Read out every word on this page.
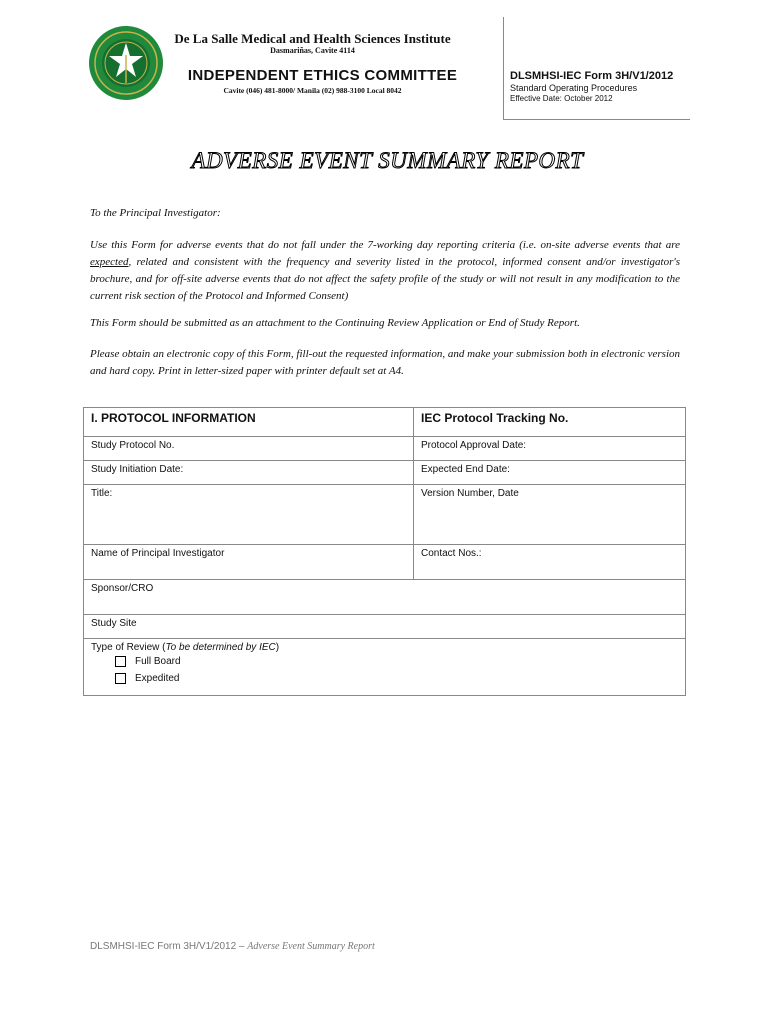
De La Salle Medical and Health Sciences Institute
Dasmariñas, Cavite 4114
INDEPENDENT ETHICS COMMITTEE
Cavite (046) 481-8000/ Manila (02) 988-3100 Local 8042
DLSMHSI-IEC Form 3H/V1/2012
Standard Operating Procedures
Effective Date: October 2012
ADVERSE EVENT SUMMARY REPORT
To the Principal Investigator:
Use this Form for adverse events that do not fall under the 7-working day reporting criteria (i.e. on-site adverse events that are expected, related and consistent with the frequency and severity listed in the protocol, informed consent and/or investigator's brochure, and for off-site adverse events that do not affect the safety profile of the study or will not result in any modification to the current risk section of the Protocol and Informed Consent)
This Form should be submitted as an attachment to the Continuing Review Application or End of Study Report.
Please obtain an electronic copy of this Form, fill-out the requested information, and make your submission both in electronic version and hard copy. Print in letter-sized paper with printer default set at A4.
I. PROTOCOL INFORMATION	IEC Protocol Tracking No.
Study Protocol No.	Protocol Approval Date:
Study Initiation Date:	Expected End Date:
Title:	Version Number, Date
Name of Principal Investigator	Contact Nos.:
Sponsor/CRO	
Study Site	

Type of Review (To be determined by IEC)
Full Board
Expedited	
DLSMHSI-IEC Form 3H/V1/2012 – Adverse Event Summary Report
